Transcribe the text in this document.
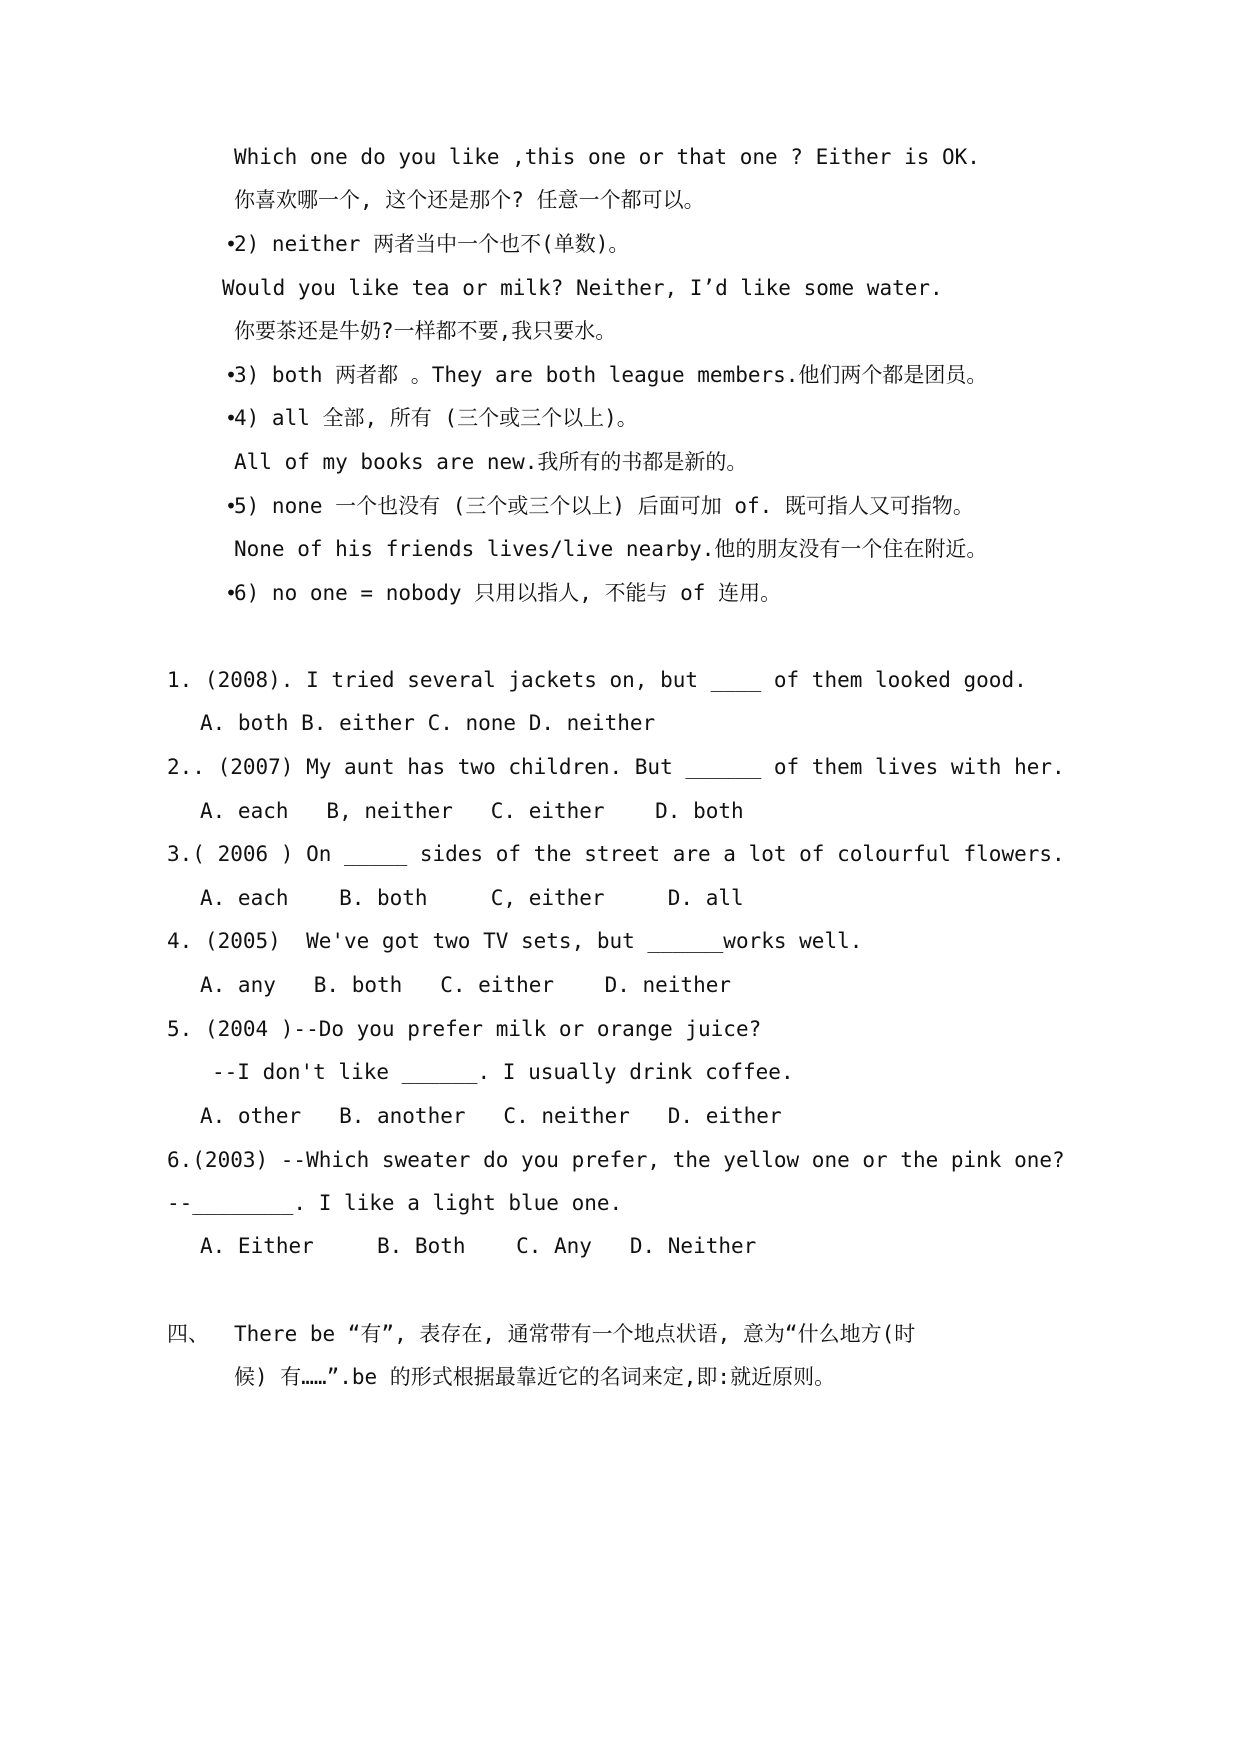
Which one do you like ,this one or that one ? Either is OK.
你喜欢哪一个, 这个还是那个? 任意一个都可以。
•
2) neither 两者当中一个也不(单数)。
Would you like tea or milk? Neither, I’d like some water.
你要茶还是牛奶?一样都不要,我只要水。
•
3) both 两者都 。They are both league members.他们两个都是团员。
•
4) all 全部, 所有 (三个或三个以上)。
All of my books are new.我所有的书都是新的。
•
5) none 一个也没有 (三个或三个以上) 后面可加 of. 既可指人又可指物。
None of his friends lives/live nearby.他的朋友没有一个住在附近。
•
6) no one = nobody 只用以指人, 不能与 of 连用。
1. (2008). I tried several jackets on, but ____ of them looked good.
A. both B. either C. none D. neither
2.. (2007) My aunt has two children. But ______ of them lives with her.
A. each   B, neither   C. either    D. both
3.( 2006 ) On _____ sides of the street are a lot of colourful flowers.
A. each    B. both     C, either     D. all
4. (2005)  We've got two TV sets, but ______works well.
A. any   B. both   C. either    D. neither
5. (2004 )--Do you prefer milk or orange juice?
--I don't like ______. I usually drink coffee.
A. other   B. another   C. neither   D. either
6.(2003) --Which sweater do you prefer, the yellow one or the pink one?
--________. I like a light blue one.
A. Either     B. Both    C. Any   D. Neither
四、 There be “有”, 表存在, 通常带有一个地点状语, 意为“什么地方(时
候) 有……”.be 的形式根据最靠近它的名词来定,即:就近原则。
